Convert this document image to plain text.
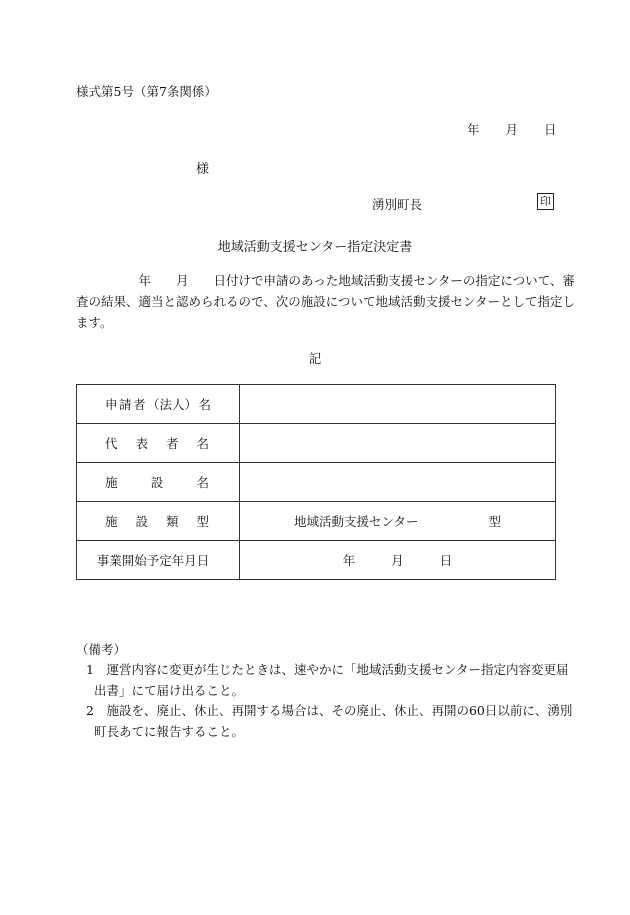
様式第5号（第7条関係）
年 月 日
様
湧別町長	印
地域活動支援センター指定決定書
　　　　　年　　月　　日付けで申請のあった地域活動支援センターの指定について、審
査の結果、適当と認められるので、次の施設について地域活動支援センターとして指定し
ます。
記
申 請 者 （法人） 名	

代 表 者 名	

施 設 名	

施 設 類 型	地域活動支援センター 型

事業開始予定年月日	年 月 日
（備考）
1　運営内容に変更が生じたときは、速やかに「地域活動支援センター指定内容変更届
出書」にて届け出ること。
2　施設を、廃止、休止、再開する場合は、その廃止、休止、再開の60日以前に、湧別
町長あてに報告すること。
